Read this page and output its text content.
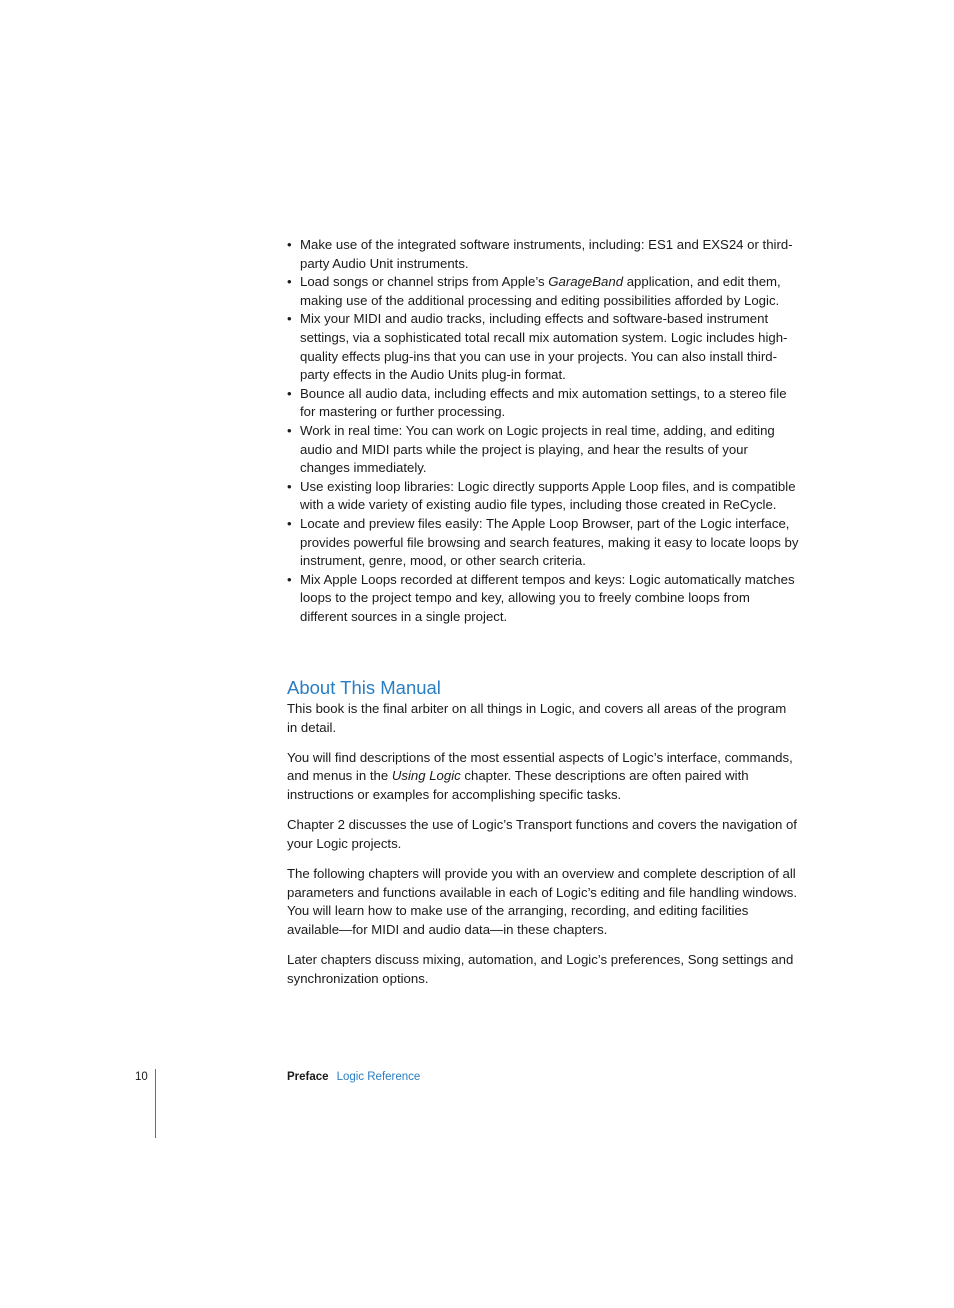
• Make use of the integrated software instruments, including: ES1 and EXS24 or third-party Audio Unit instruments.
• Load songs or channel strips from Apple’s GarageBand application, and edit them, making use of the additional processing and editing possibilities afforded by Logic.
• Mix your MIDI and audio tracks, including effects and software-based instrument settings, via a sophisticated total recall mix automation system. Logic includes high-quality effects plug-ins that you can use in your projects. You can also install third-party effects in the Audio Units plug-in format.
• Bounce all audio data, including effects and mix automation settings, to a stereo file for mastering or further processing.
• Work in real time: You can work on Logic projects in real time, adding, and editing audio and MIDI parts while the project is playing, and hear the results of your changes immediately.
• Use existing loop libraries: Logic directly supports Apple Loop files, and is compatible with a wide variety of existing audio file types, including those created in ReCycle.
• Locate and preview files easily: The Apple Loop Browser, part of the Logic interface, provides powerful file browsing and search features, making it easy to locate loops by instrument, genre, mood, or other search criteria.
• Mix Apple Loops recorded at different tempos and keys: Logic automatically matches loops to the project tempo and key, allowing you to freely combine loops from different sources in a single project.
About This Manual

This book is the final arbiter on all things in Logic, and covers all areas of the program in detail.

You will find descriptions of the most essential aspects of Logic’s interface, commands, and menus in the Using Logic chapter. These descriptions are often paired with instructions or examples for accomplishing specific tasks.

Chapter 2 discusses the use of Logic’s Transport functions and covers the navigation of your Logic projects.

The following chapters will provide you with an overview and complete description of all parameters and functions available in each of Logic’s editing and file handling windows. You will learn how to make use of the arranging, recording, and editing facilities available—for MIDI and audio data—in these chapters.

Later chapters discuss mixing, automation, and Logic’s preferences, Song settings and synchronization options.

10	Preface Logic Reference
